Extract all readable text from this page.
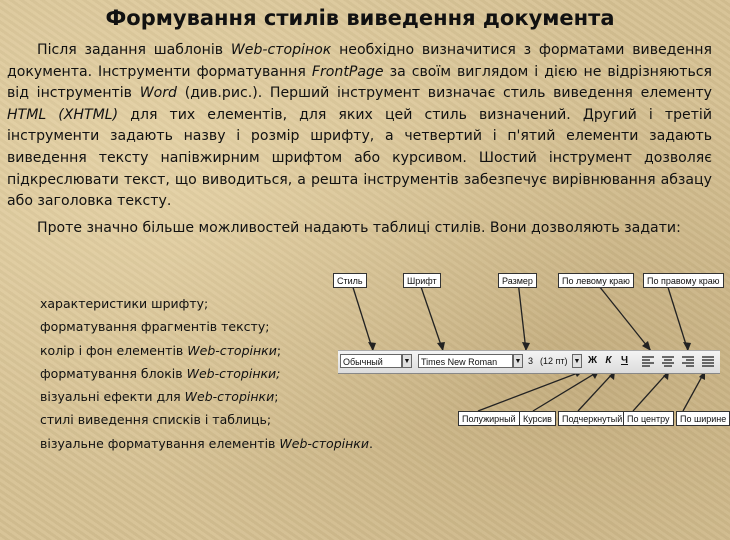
Формування стилів виведення документа

Після задання шаблонів Web-сторінок необхідно визначитися з форматами виведення документа. Інструменти форматування FrontPage за своїм виглядом і дією не відрізняються від інструментів Word (див.рис.). Перший інструмент визначає стиль виведення елементу HTML (XHTML) для тих елементів, для яких цей стиль визначений. Другий і третій інструменти задають назву і розмір шрифту, а четвертий і п'ятий елементи задають виведення тексту напівжирним шрифтом або курсивом. Шостий інструмент дозволяє підкреслювати текст, що виводиться, а решта інструментів забезпечує вирівнювання абзацу або заголовка тексту.

Проте значно більше можливостей надають таблиці стилів. Вони дозволяють задати:

характеристики шрифту;
форматування фрагментів тексту;
колір і фон елементів Web-сторінки;
форматування блоків Web-сторінки;
візуальні ефекти для Web-сторінки;
стилі виведення списків і таблиць;
візуальне форматування елементів Web-сторінки.
Стиль	Шрифт	Размер	По левому краю	По правому краю
Обычный	▼	Times New Roman	▼ 3 (12 пт) ▼ Ж К Ч
Полужирный Курсив	Подчеркнутый По центру	По ширине
